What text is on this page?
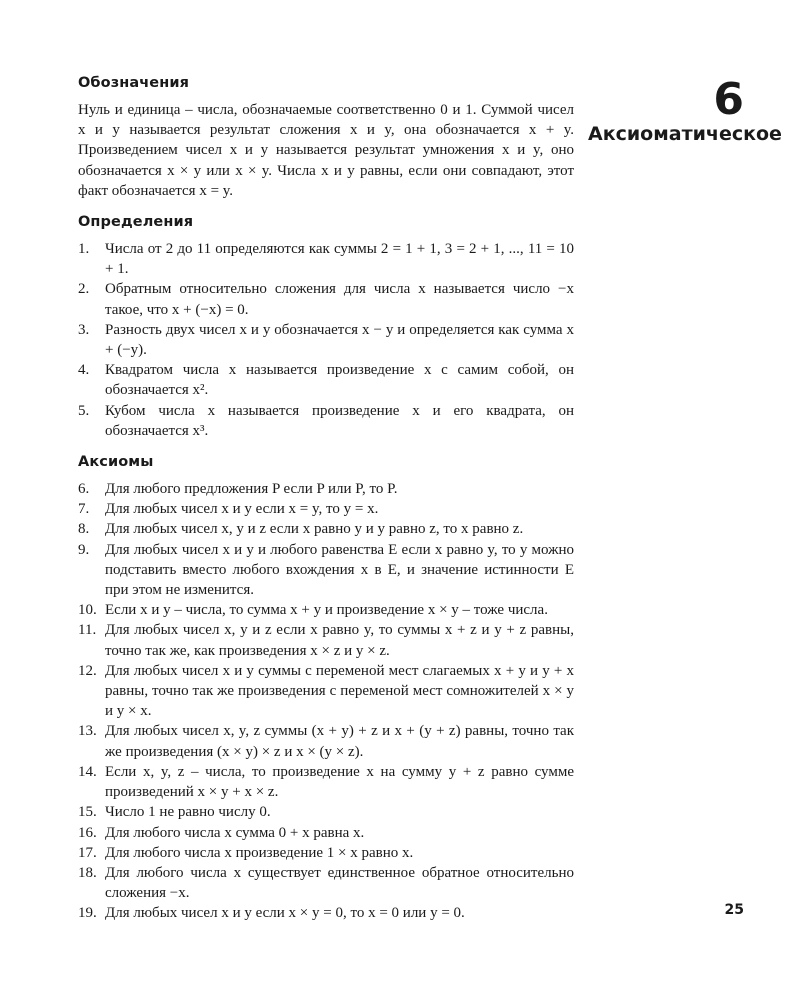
Обозначения
Нуль и единица – числа, обозначаемые соответственно 0 и 1. Суммой чисел x и y называется результат сложения x и y, она обозначается x + y. Произведением чисел x и y называется результат умножения x и y, оно обозначается x × y или x × y. Числа x и y равны, если они совпадают, этот факт обозначается x = y.
Определения
1.	Числа от 2 до 11 определяются как суммы 2 = 1 + 1, 3 = 2 + 1, ..., 11 = 10 + 1.
2.	Обратным относительно сложения для числа x называется число −x такое, что x + (−x) = 0.
3.	Разность двух чисел x и y обозначается x − y и определяется как сумма x + (−y).
4.	Квадратом числа x называется произведение x с самим собой, он обозначается x².
5.	Кубом числа x называется произведение x и его квадрата, он обозначается x³.
Аксиомы
6.	Для любого предложения P если P или P, то P.
7.	Для любых чисел x и y если x = y, то y = x.
8.	Для любых чисел x, y и z если x равно y и y равно z, то x равно z.
9.	Для любых чисел x и y и любого равенства E если x равно y, то y можно подставить вместо любого вхождения x в E, и значение истинности E при этом не изменится.
10. Если x и y – числа, то сумма x + y и произведение x × y – тоже числа.
11. Для любых чисел x, y и z если x равно y, то суммы x + z и y + z равны, точно так же, как произведения x × z и y × z.
12. Для любых чисел x и y суммы с переменой мест слагаемых x + y и y + x равны, точно так же произведения с переменой мест сомножителей x × y и y × x.
13. Для любых чисел x, y, z суммы (x + y) + z и x + (y + z) равны, точно так же произведения (x × y) × z и x × (y × z).
14. Если x, y, z – числа, то произведение x на сумму y + z равно сумме произведений x × y + x × z.
15. Число 1 не равно числу 0.
16. Для любого числа x сумма 0 + x равна x.
17. Для любого числа x произведение 1 × x равно x.
18. Для любого числа x существует единственное обратное относительно сложения −x.
19. Для любых чисел x и y если x × y = 0, то x = 0 или y = 0.
6
Аксиоматическое
25
